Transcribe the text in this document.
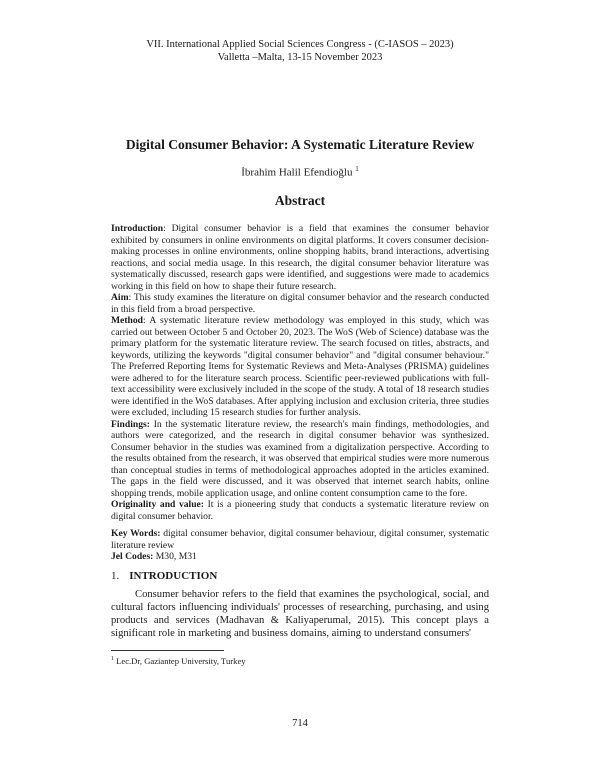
VII. International Applied Social Sciences Congress - (C-IASOS – 2023)
Valletta –Malta, 13-15 November 2023
Digital Consumer Behavior: A Systematic Literature Review
İbrahim Halil Efendioğlu $^1$
Abstract

Introduction: Digital consumer behavior is a field that examines the consumer behavior exhibited by consumers in online environments on digital platforms. It covers consumer decision-making processes in online environments, online shopping habits, brand interactions, advertising reactions, and social media usage. In this research, the digital consumer behavior literature was systematically discussed, research gaps were identified, and suggestions were made to academics working in this field on how to shape their future research.

Aim: This study examines the literature on digital consumer behavior and the research conducted in this field from a broad perspective.

Method: A systematic literature review methodology was employed in this study, which was carried out between October 5 and October 20, 2023. The WoS (Web of Science) database was the primary platform for the systematic literature review. The search focused on titles, abstracts, and keywords, utilizing the keywords "digital consumer behavior" and "digital consumer behaviour." The Preferred Reporting Items for Systematic Reviews and Meta-Analyses (PRISMA) guidelines were adhered to for the literature search process. Scientific peer-reviewed publications with full-text accessibility were exclusively included in the scope of the study. A total of 18 research studies were identified in the WoS databases. After applying inclusion and exclusion criteria, three studies were excluded, including 15 research studies for further analysis.

Findings: In the systematic literature review, the research's main findings, methodologies, and authors were categorized, and the research in digital consumer behavior was synthesized. Consumer behavior in the studies was examined from a digitalization perspective. According to the results obtained from the research, it was observed that empirical studies were more numerous than conceptual studies in terms of methodological approaches adopted in the articles examined. The gaps in the field were discussed, and it was observed that internet search habits, online shopping trends, mobile application usage, and online content consumption came to the fore.

Originality and value: It is a pioneering study that conducts a systematic literature review on digital consumer behavior.

Key Words: digital consumer behavior, digital consumer behaviour, digital consumer, systematic literature review

Jel Codes: M30, M31

1. INTRODUCTION

Consumer behavior refers to the field that examines the psychological, social, and cultural factors influencing individuals' processes of researching, purchasing, and using products and services (Madhavan & Kaliyaperumal, 2015). This concept plays a significant role in marketing and business domains, aiming to understand consumers'

$^1$ Lec.Dr, Gaziantep University, Turkey
714
